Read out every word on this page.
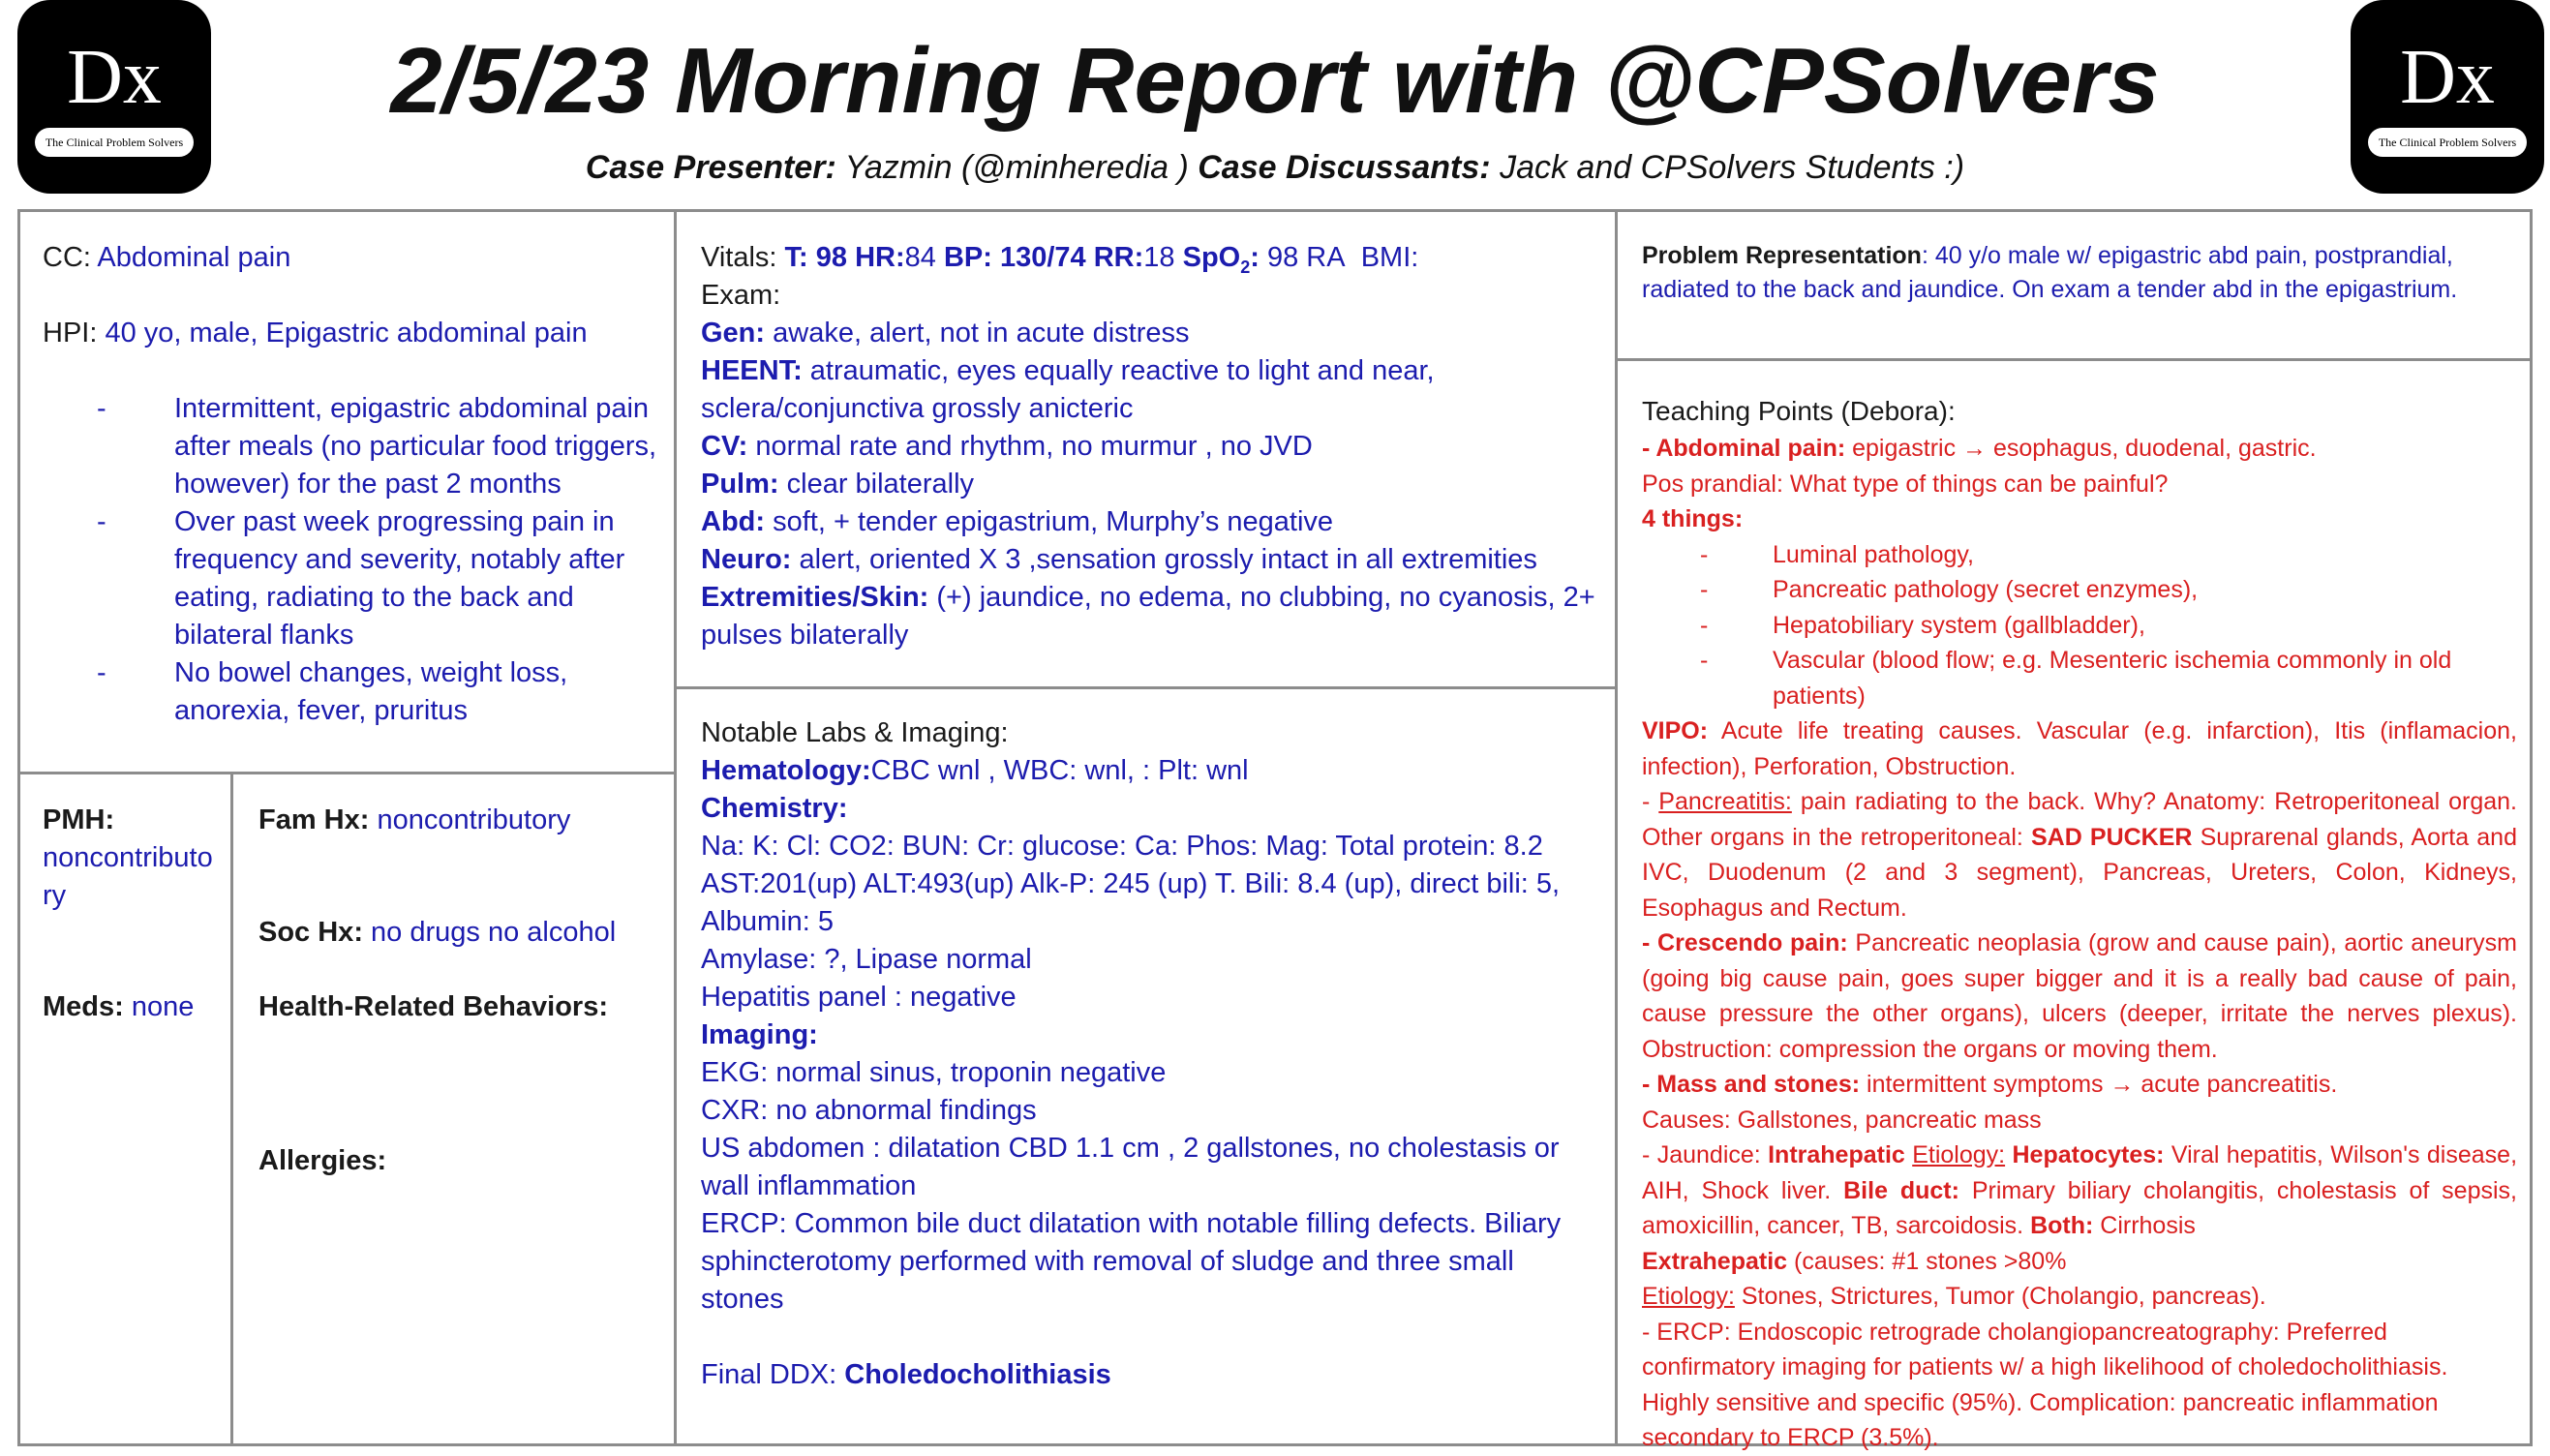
Dx
The Clinical Problem Solvers
Dx
The Clinical Problem Solvers
2/5/23 Morning Report with @CPSolvers
Case Presenter: Yazmin (@minheredia ) Case Discussants: Jack and CPSolvers Students :)
CC: Abdominal pain
HPI: 40 yo, male, Epigastric abdominal pain
- Intermittent, epigastric abdominal pain after meals (no particular food triggers, however) for the past 2 months
- Over past week progressing pain in frequency and severity, notably after eating, radiating to the back and bilateral flanks
- No bowel changes, weight loss, anorexia, fever, pruritus
PMH:
noncontributory
Meds: none
Fam Hx: noncontributory
Soc Hx: no drugs no alcohol
Health-Related Behaviors:
Allergies:
Vitals: T: 98 HR:84 BP: 130/74 RR:18 SpO$_2$: 98 RA BMI:
Exam:
Gen: awake, alert, not in acute distress
HEENT: atraumatic, eyes equally reactive to light and near, sclera/conjunctiva grossly anicteric
CV: normal rate and rhythm, no murmur , no JVD
Pulm: clear bilaterally
Abd: soft, + tender epigastrium, Murphy’s negative
Neuro: alert, oriented X 3 ,sensation grossly intact in all extremities
Extremities/Skin: (+) jaundice, no edema, no clubbing, no cyanosis, 2+ pulses bilaterally
Notable Labs & Imaging:
Hematology:CBC wnl , WBC: wnl, : Plt: wnl
Chemistry:
Na: K: Cl: CO2: BUN: Cr: glucose: Ca: Phos: Mag: Total protein: 8.2 AST:201(up) ALT:493(up) Alk-P: 245 (up) T. Bili: 8.4 (up), direct bili: 5, Albumin: 5
Amylase: ?, Lipase normal
Hepatitis panel : negative
Imaging:
EKG: normal sinus, troponin negative
CXR: no abnormal findings
US abdomen : dilatation CBD 1.1 cm , 2 gallstones, no cholestasis or wall inflammation
ERCP: Common bile duct dilatation with notable filling defects. Biliary sphincterotomy performed with removal of sludge and three small stones
Final DDX: Choledocholithiasis
Problem Representation: 40 y/o male w/ epigastric abd pain, postprandial, radiated to the back and jaundice. On exam a tender abd in the epigastrium.
Teaching Points (Debora):
- Abdominal pain: epigastric → esophagus, duodenal, gastric.
Pos prandial: What type of things can be painful?
4 things:
- Luminal pathology,
- Pancreatic pathology (secret enzymes),
- Hepatobiliary system (gallbladder),
- Vascular (blood flow; e.g. Mesenteric ischemia commonly in old patients)
VIPO: Acute life treating causes. Vascular (e.g. infarction), Itis (inflamacion, infection), Perforation, Obstruction.
- Pancreatitis: pain radiating to the back. Why? Anatomy: Retroperitoneal organ. Other organs in the retroperitoneal: SAD PUCKER Suprarenal glands, Aorta and IVC, Duodenum (2 and 3 segment), Pancreas, Ureters, Colon, Kidneys, Esophagus and Rectum.
- Crescendo pain: Pancreatic neoplasia (grow and cause pain), aortic aneurysm (going big cause pain, goes super bigger and it is a really bad cause of pain, cause pressure the other organs), ulcers (deeper, irritate the nerves plexus). Obstruction: compression the organs or moving them.
- Mass and stones: intermittent symptoms → acute pancreatitis.
Causes: Gallstones, pancreatic mass
- Jaundice: Intrahepatic Etiology: Hepatocytes: Viral hepatitis, Wilson's disease, AIH, Shock liver. Bile duct: Primary biliary cholangitis, cholestasis of sepsis, amoxicillin, cancer, TB, sarcoidosis. Both: Cirrhosis
Extrahepatic (causes: #1 stones >80%
Etiology: Stones, Strictures, Tumor (Cholangio, pancreas).
- ERCP: Endoscopic retrograde cholangiopancreatography: Preferred confirmatory imaging for patients w/ a high likelihood of choledocholithiasis. Highly sensitive and specific (95%). Complication: pancreatic inflammation secondary to ERCP (3.5%).
